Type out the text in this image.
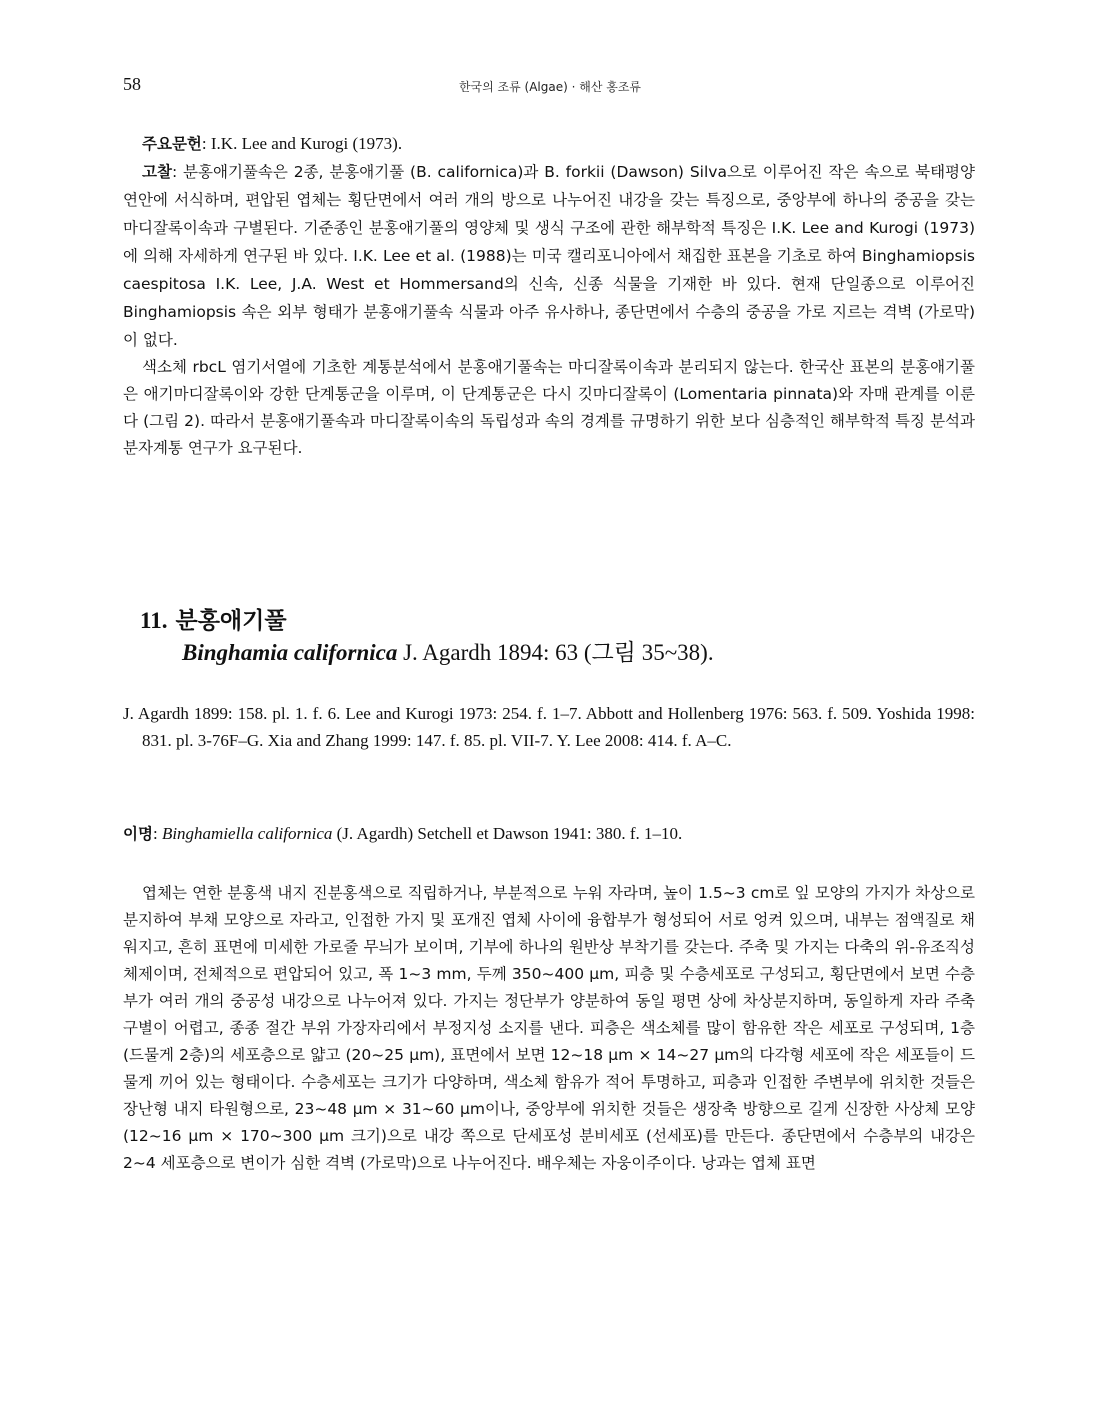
58	한국의 조류 (Algae) · 해산 홍조류

주요문헌: I.K. Lee and Kurogi (1973).

고찰: 분홍애기풀속은 2종, 분홍애기풀 (B. californica)과 B. forkii (Dawson) Silva으로 이루어진 작은 속으로 북태평양 연안에 서식하며, 편압된 엽체는 횡단면에서 여러 개의 방으로 나누어진 내강을 갖는 특징으로, 중앙부에 하나의 중공을 갖는 마디잘록이속과 구별된다. 기준종인 분홍애기풀의 영양체 및 생식 구조에 관한 해부학적 특징은 I.K. Lee and Kurogi (1973)에 의해 자세하게 연구된 바 있다. I.K. Lee et al. (1988)는 미국 캘리포니아에서 채집한 표본을 기초로 하여 Binghamiopsis caespitosa I.K. Lee, J.A. West et Hommersand의 신속, 신종 식물을 기재한 바 있다. 현재 단일종으로 이루어진 Binghamiopsis 속은 외부 형태가 분홍애기풀속 식물과 아주 유사하나, 종단면에서 수층의 중공을 가로 지르는 격벽 (가로막)이 없다.

색소체 rbcL 염기서열에 기초한 계통분석에서 분홍애기풀속는 마디잘록이속과 분리되지 않는다. 한국산 표본의 분홍애기풀은 애기마디잘록이와 강한 단계통군을 이루며, 이 단계통군은 다시 깃마디잘록이 (Lomentaria pinnata)와 자매 관계를 이룬다 (그림 2). 따라서 분홍애기풀속과 마디잘록이속의 독립성과 속의 경계를 규명하기 위한 보다 심층적인 해부학적 특징 분석과 분자계통 연구가 요구된다.

11. 분홍애기풀
Binghamia californica J. Agardh 1894: 63 (그림 35~38).

J. Agardh 1899: 158. pl. 1. f. 6. Lee and Kurogi 1973: 254. f. 1–7. Abbott and Hollenberg 1976: 563. f. 509. Yoshida 1998: 831. pl. 3-76F–G. Xia and Zhang 1999: 147. f. 85. pl. VII-7. Y. Lee 2008: 414. f. A–C.

이명: Binghamiella californica (J. Agardh) Setchell et Dawson 1941: 380. f. 1–10.

엽체는 연한 분홍색 내지 진분홍색으로 직립하거나, 부분적으로 누워 자라며, 높이 1.5~3 cm로 잎 모양의 가지가 차상으로 분지하여 부채 모양으로 자라고, 인접한 가지 및 포개진 엽체 사이에 융합부가 형성되어 서로 엉켜 있으며, 내부는 점액질로 채워지고, 흔히 표면에 미세한 가로줄 무늬가 보이며, 기부에 하나의 원반상 부착기를 갖는다. 주축 및 가지는 다축의 위-유조직성 체제이며, 전체적으로 편압되어 있고, 폭 1~3 mm, 두께 350~400 μm, 피층 및 수층세포로 구성되고, 횡단면에서 보면 수층부가 여러 개의 중공성 내강으로 나누어져 있다. 가지는 정단부가 양분하여 동일 평면 상에 차상분지하며, 동일하게 자라 주축 구별이 어렵고, 종종 절간 부위 가장자리에서 부정지성 소지를 낸다. 피층은 색소체를 많이 함유한 작은 세포로 구성되며, 1층 (드물게 2층)의 세포층으로 얇고 (20~25 μm), 표면에서 보면 12~18 μm × 14~27 μm의 다각형 세포에 작은 세포들이 드물게 끼어 있는 형태이다. 수층세포는 크기가 다양하며, 색소체 함유가 적어 투명하고, 피층과 인접한 주변부에 위치한 것들은 장난형 내지 타원형으로, 23~48 μm × 31~60 μm이나, 중앙부에 위치한 것들은 생장축 방향으로 길게 신장한 사상체 모양 (12~16 μm × 170~300 μm 크기)으로 내강 쪽으로 단세포성 분비세포 (선세포)를 만든다. 종단면에서 수층부의 내강은 2~4 세포층으로 변이가 심한 격벽 (가로막)으로 나누어진다. 배우체는 자웅이주이다. 낭과는 엽체 표면
